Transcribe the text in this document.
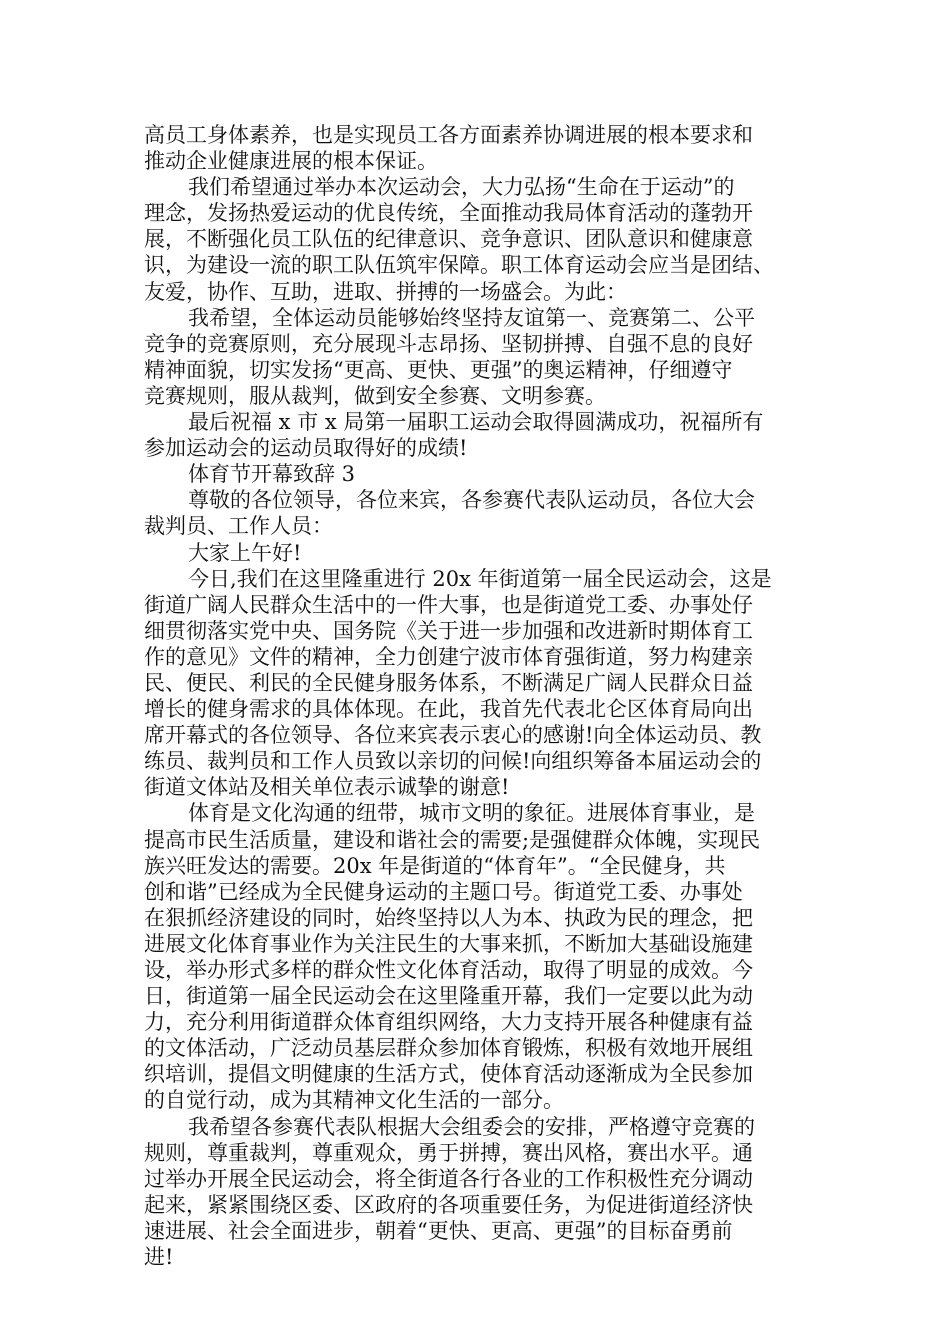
高员工身体素养，也是实现员工各方面素养协调进展的根本要求和
推动企业健康进展的根本保证。
我们希望通过举办本次运动会，大力弘扬“生命在于运动”的
理念，发扬热爱运动的优良传统，全面推动我局体育活动的蓬勃开
展，不断强化员工队伍的纪律意识、竞争意识、团队意识和健康意
识，为建设一流的职工队伍筑牢保障。职工体育运动会应当是团结、
友爱，协作、互助，进取、拼搏的一场盛会。为此：
我希望，全体运动员能够始终坚持友谊第一、竞赛第二、公平
竞争的竞赛原则，充分展现斗志昂扬、坚韧拼搏、自强不息的良好
精神面貌，切实发扬“更高、更快、更强”的奥运精神，仔细遵守
竞赛规则，服从裁判，做到安全参赛、文明参赛。
最后祝福 x 市 x 局第一届职工运动会取得圆满成功，祝福所有
参加运动会的运动员取得好的成绩!
体育节开幕致辞 3
尊敬的各位领导，各位来宾，各参赛代表队运动员，各位大会
裁判员、工作人员：
大家上午好!
今日,我们在这里隆重进行 20x 年街道第一届全民运动会，这是
街道广阔人民群众生活中的一件大事，也是街道党工委、办事处仔
细贯彻落实党中央、国务院《关于进一步加强和改进新时期体育工
作的意见》文件的精神，全力创建宁波市体育强街道，努力构建亲
民、便民、利民的全民健身服务体系，不断满足广阔人民群众日益
增长的健身需求的具体体现。在此，我首先代表北仑区体育局向出
席开幕式的各位领导、各位来宾表示衷心的感谢!向全体运动员、教
练员、裁判员和工作人员致以亲切的问候!向组织筹备本届运动会的
街道文体站及相关单位表示诚挚的谢意!
体育是文化沟通的纽带，城市文明的象征。进展体育事业，是
提高市民生活质量，建设和谐社会的需要;是强健群众体魄，实现民
族兴旺发达的需要。20x 年是街道的“体育年”。“全民健身，共
创和谐”已经成为全民健身运动的主题口号。街道党工委、办事处
在狠抓经济建设的同时，始终坚持以人为本、执政为民的理念，把
进展文化体育事业作为关注民生的大事来抓，不断加大基础设施建
设，举办形式多样的群众性文化体育活动，取得了明显的成效。今
日，街道第一届全民运动会在这里隆重开幕，我们一定要以此为动
力，充分利用街道群众体育组织网络，大力支持开展各种健康有益
的文体活动，广泛动员基层群众参加体育锻炼，积极有效地开展组
织培训，提倡文明健康的生活方式，使体育活动逐渐成为全民参加
的自觉行动，成为其精神文化生活的一部分。
我希望各参赛代表队根据大会组委会的安排，严格遵守竞赛的
规则，尊重裁判，尊重观众，勇于拼搏，赛出风格，赛出水平。通
过举办开展全民运动会，将全街道各行各业的工作积极性充分调动
起来，紧紧围绕区委、区政府的各项重要任务，为促进街道经济快
速进展、社会全面进步，朝着“更快、更高、更强”的目标奋勇前
进!
